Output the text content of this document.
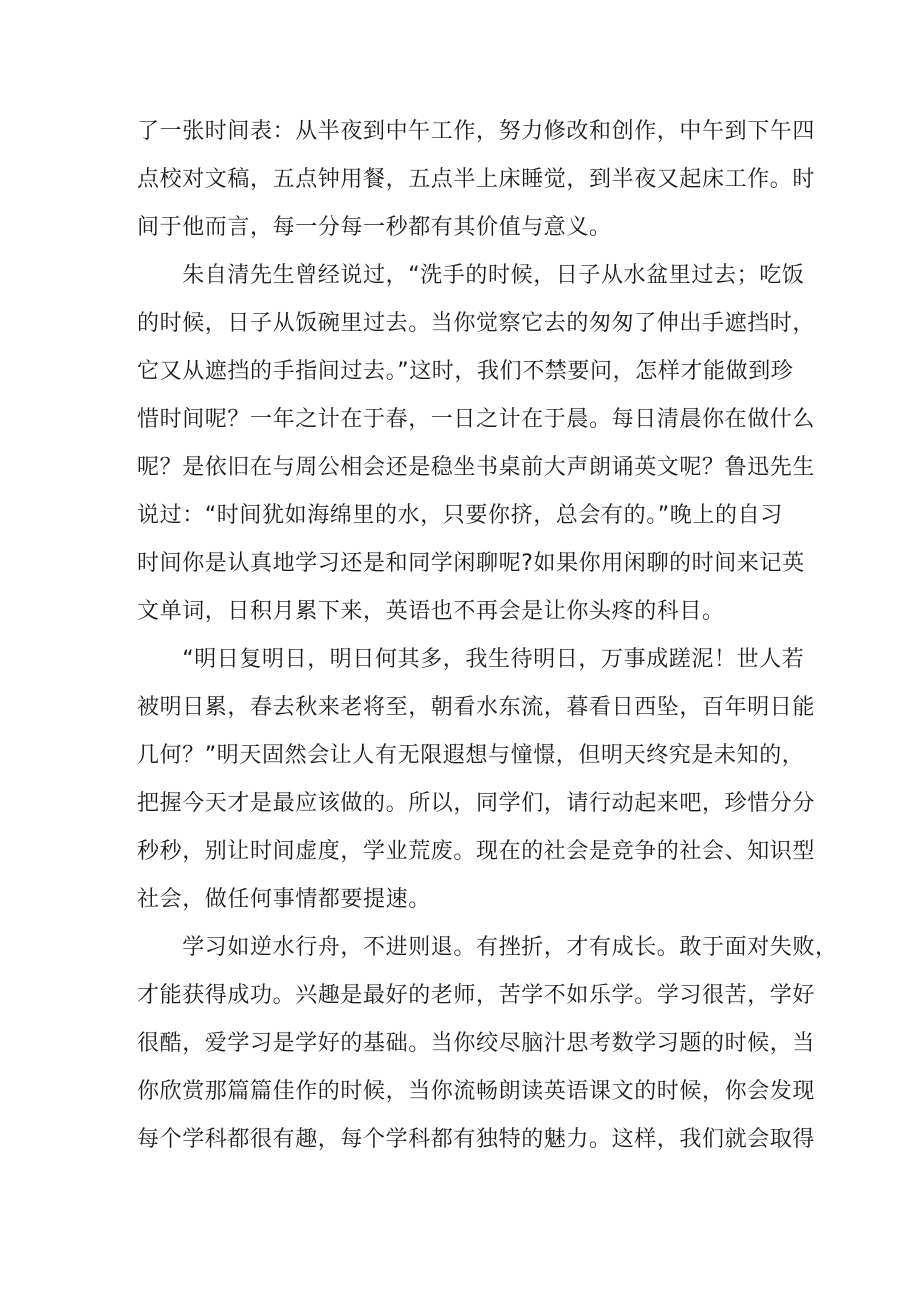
了一张时间表：从半夜到中午工作，努力修改和创作，中午到下午四
点校对文稿，五点钟用餐，五点半上床睡觉，到半夜又起床工作。时
间于他而言，每一分每一秒都有其价值与意义。
　　朱自清先生曾经说过，“洗手的时候，日子从水盆里过去；吃饭
的时候，日子从饭碗里过去。当你觉察它去的匆匆了伸出手遮挡时，
它又从遮挡的手指间过去。”这时，我们不禁要问，怎样才能做到珍
惜时间呢？一年之计在于春，一日之计在于晨。每日清晨你在做什么
呢？是依旧在与周公相会还是稳坐书桌前大声朗诵英文呢？鲁迅先生
说过：“时间犹如海绵里的水，只要你挤，总会有的。”晚上的自习
时间你是认真地学习还是和同学闲聊呢?如果你用闲聊的时间来记英
文单词，日积月累下来，英语也不再会是让你头疼的科目。
　　“明日复明日，明日何其多，我生待明日，万事成蹉泥！世人若
被明日累，春去秋来老将至，朝看水东流，暮看日西坠，百年明日能
几何？”明天固然会让人有无限遐想与憧憬，但明天终究是未知的，
把握今天才是最应该做的。所以，同学们，请行动起来吧，珍惜分分
秒秒，别让时间虚度，学业荒废。现在的社会是竞争的社会、知识型
社会，做任何事情都要提速。
　　学习如逆水行舟，不进则退。有挫折，才有成长。敢于面对失败，
才能获得成功。兴趣是最好的老师，苦学不如乐学。学习很苦，学好
很酷，爱学习是学好的基础。当你绞尽脑汁思考数学习题的时候，当
你欣赏那篇篇佳作的时候，当你流畅朗读英语课文的时候，你会发现
每个学科都很有趣，每个学科都有独特的魅力。这样，我们就会取得
